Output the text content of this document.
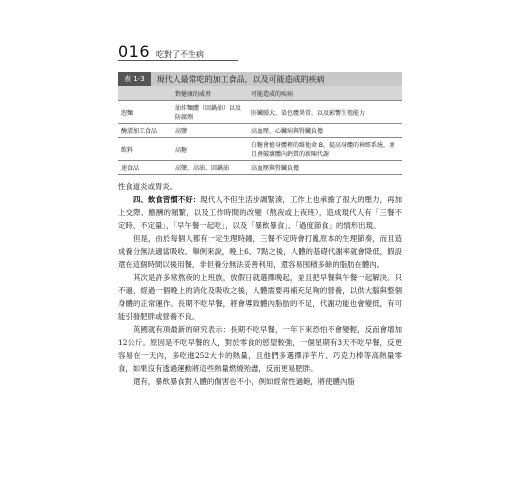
016 吃對了不生病
表 1-3	現代人最常吃的加工食品，以及可能造成的疾病
	對健康的威脅	可能造成的疾病
泡麵	油炸麵體（回鍋油）以及防腐劑	肝臟腫大、染色體異常，以及影響生殖能力
醃漬加工食品	高鹽	高血壓、心臟病與腎臟負擔
飲料	高糖	白糖會搶身體裡的維他命 B，提高身體的神經系統，並且會破壞體內鈣質的新陳代謝
速食品	高鹽、高油、回鍋油	高血壓與腎臟負擔

性食道炎或胃炎。

四、飲食習慣不好：現代人不但生活步調緊湊，工作上也承擔了很大的壓力，再加上交際、應酬的頻繁，以及工作時間的改變（熬夜或上夜班），造成現代人有「三餐不定時、不定量」，「早午餐一起吃」，以及「暴飲暴食」、「過度節食」的情形出現。

但是，由於每個人都有一定生理時鐘，三餐不定時會打亂原本的生理節奏，而且造成養分無法適當吸收。舉例來說，晚上6、7點之後，人體的基礎代謝率就會降低，假設還在這個時間以後用餐，非但養分無法妥善利用，還容易囤積多餘的脂肪在體內。

其次是許多常熬夜的上班族，放假日就選擇晚起，並且把早餐與午餐一起解決。只不過，經過一個晚上的消化及吸收之後，人體需要再補充足夠的營養，以供大腦與整個身體的正常運作。長期不吃早餐，將會導致體內脂肪的不足，代謝功能也會變低，有可能引發肥胖或營養不良。

英國就有項最新的研究表示：長期不吃早餐，一年下來恐怕不會變輕，反而會增加12公斤。原因是不吃早餐的人，對於零食的慾望較強，一個星期有3天不吃早餐，反更容易在一天內，多吃進252大卡的熱量，且他們多選擇洋芋片、巧克力棒等高熱量零食，如果沒有透過運動將這些熱量燃燒殆盡，反而更易肥胖。

還有，暴飲暴食對人體的傷害也不小，例如經常性過飽，將使體內脂
